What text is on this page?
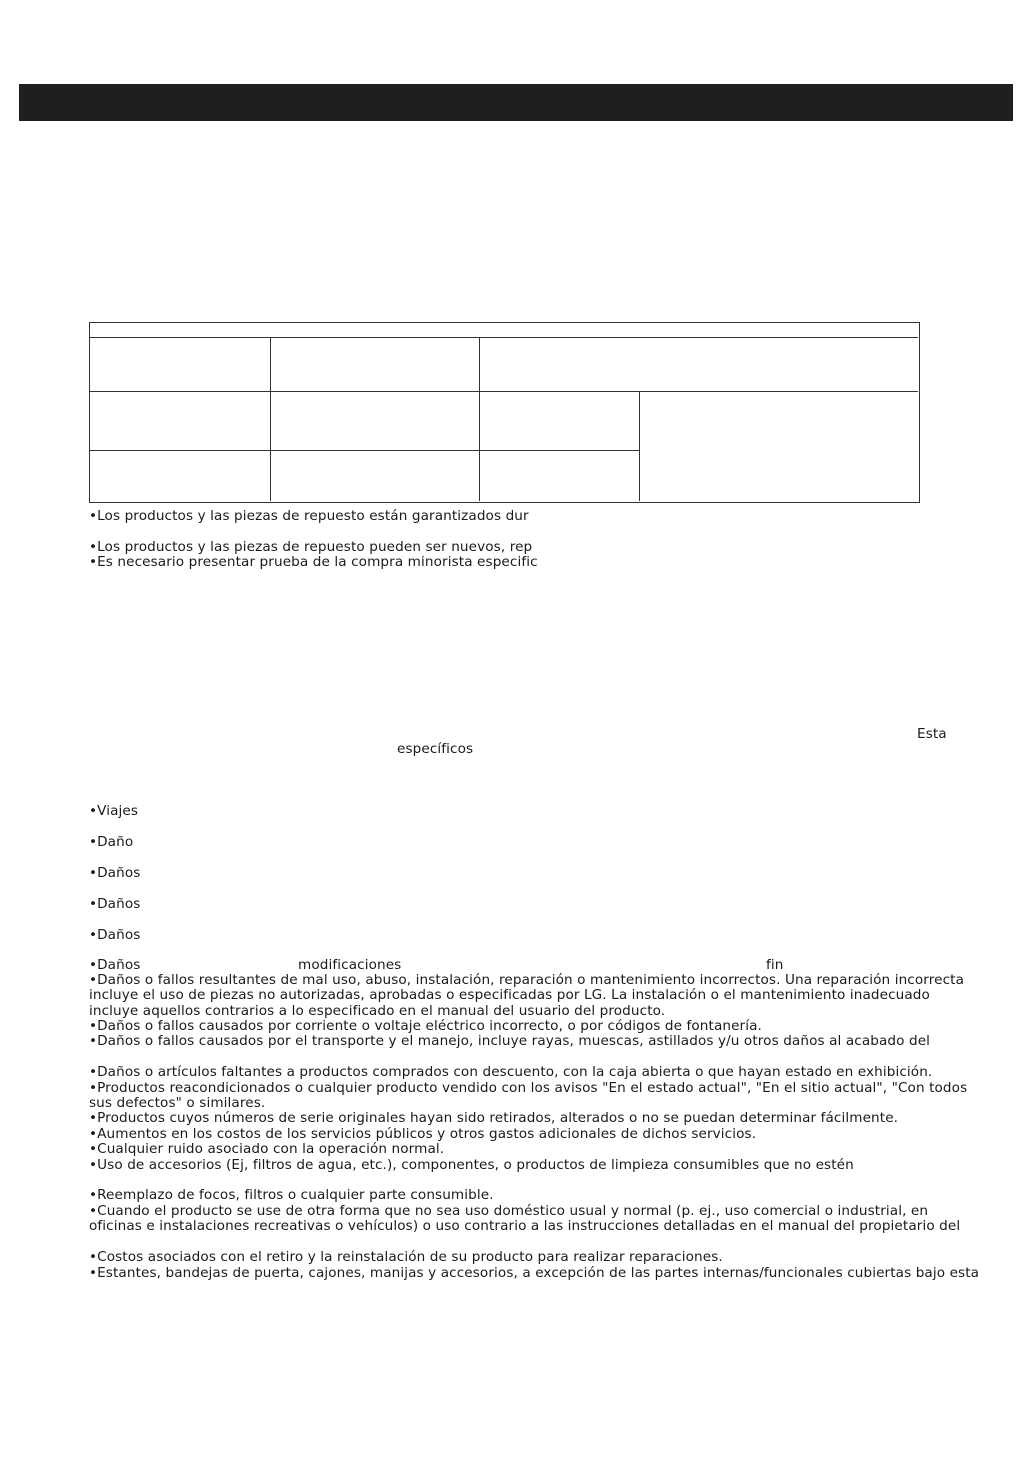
•Los productos y las piezas de repuesto están garantizados dur

•Los productos y las piezas de repuesto pueden ser nuevos, rep

•Es necesario presentar prueba de la compra minorista especific

Esta

específicos

•Viajes

•Daño

•Daños

•Daños

•Daños

•Daños	modificaciones	fin

•Daños o fallos resultantes de mal uso, abuso, instalación, reparación o mantenimiento incorrectos. Una reparación incorrecta

incluye el uso de piezas no autorizadas, aprobadas o especificadas por LG. La instalación o el mantenimiento inadecuado

incluye aquellos contrarios a lo especificado en el manual del usuario del producto.

•Daños o fallos causados por corriente o voltaje eléctrico incorrecto, o por códigos de fontanería.

•Daños o fallos causados por el transporte y el manejo, incluye rayas, muescas, astillados y/u otros daños al acabado del

•Daños o artículos faltantes a productos comprados con descuento, con la caja abierta o que hayan estado en exhibición.

•Productos reacondicionados o cualquier producto vendido con los avisos "En el estado actual", "En el sitio actual", "Con todos

sus defectos" o similares.

•Productos cuyos números de serie originales hayan sido retirados, alterados o no se puedan determinar fácilmente.

•Aumentos en los costos de los servicios públicos y otros gastos adicionales de dichos servicios.

•Cualquier ruido asociado con la operación normal.

•Uso de accesorios (Ej, filtros de agua, etc.), componentes, o productos de limpieza consumibles que no estén

•Reemplazo de focos, filtros o cualquier parte consumible.

•Cuando el producto se use de otra forma que no sea uso doméstico usual y normal (p. ej., uso comercial o industrial, en

oficinas e instalaciones recreativas o vehículos) o uso contrario a las instrucciones detalladas en el manual del propietario del

•Costos asociados con el retiro y la reinstalación de su producto para realizar reparaciones.

•Estantes, bandejas de puerta, cajones, manijas y accesorios, a excepción de las partes internas/funcionales cubiertas bajo esta
